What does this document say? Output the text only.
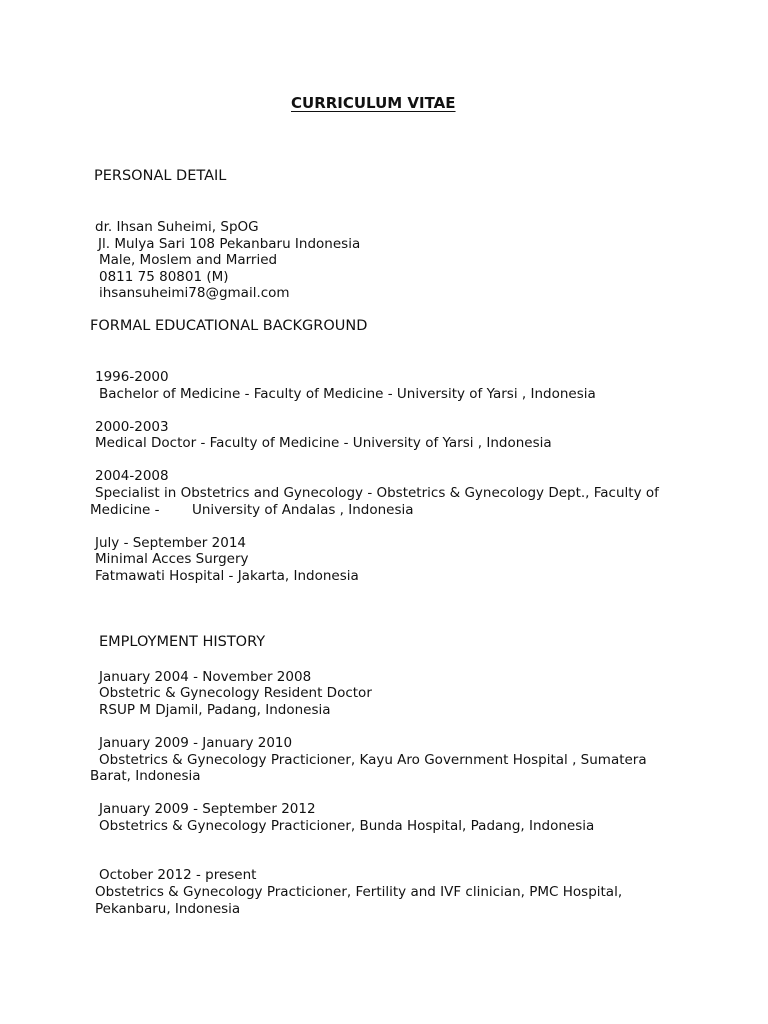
CURRICULUM VITAE
PERSONAL DETAIL
dr. Ihsan Suheimi, SpOG
Jl. Mulya Sari 108 Pekanbaru Indonesia
Male, Moslem and Married
0811 75 80801 (M)
ihsansuheimi78@gmail.com
FORMAL EDUCATIONAL BACKGROUND
1996-2000
Bachelor of Medicine - Faculty of Medicine - University of Yarsi , Indonesia
2000-2003
Medical Doctor - Faculty of Medicine - University of Yarsi , Indonesia
2004-2008
Specialist in Obstetrics and Gynecology - Obstetrics & Gynecology Dept., Faculty of
Medicine - University of Andalas , Indonesia
July - September 2014
Minimal Acces Surgery
Fatmawati Hospital - Jakarta, Indonesia
EMPLOYMENT HISTORY
January 2004 - November 2008
Obstetric & Gynecology Resident Doctor
RSUP M Djamil, Padang, Indonesia
January 2009 - January 2010
Obstetrics & Gynecology Practicioner, Kayu Aro Government Hospital , Sumatera
Barat, Indonesia
January 2009 - September 2012
Obstetrics & Gynecology Practicioner, Bunda Hospital, Padang, Indonesia
October 2012 - present
Obstetrics & Gynecology Practicioner, Fertility and IVF clinician, PMC Hospital,
Pekanbaru, Indonesia
